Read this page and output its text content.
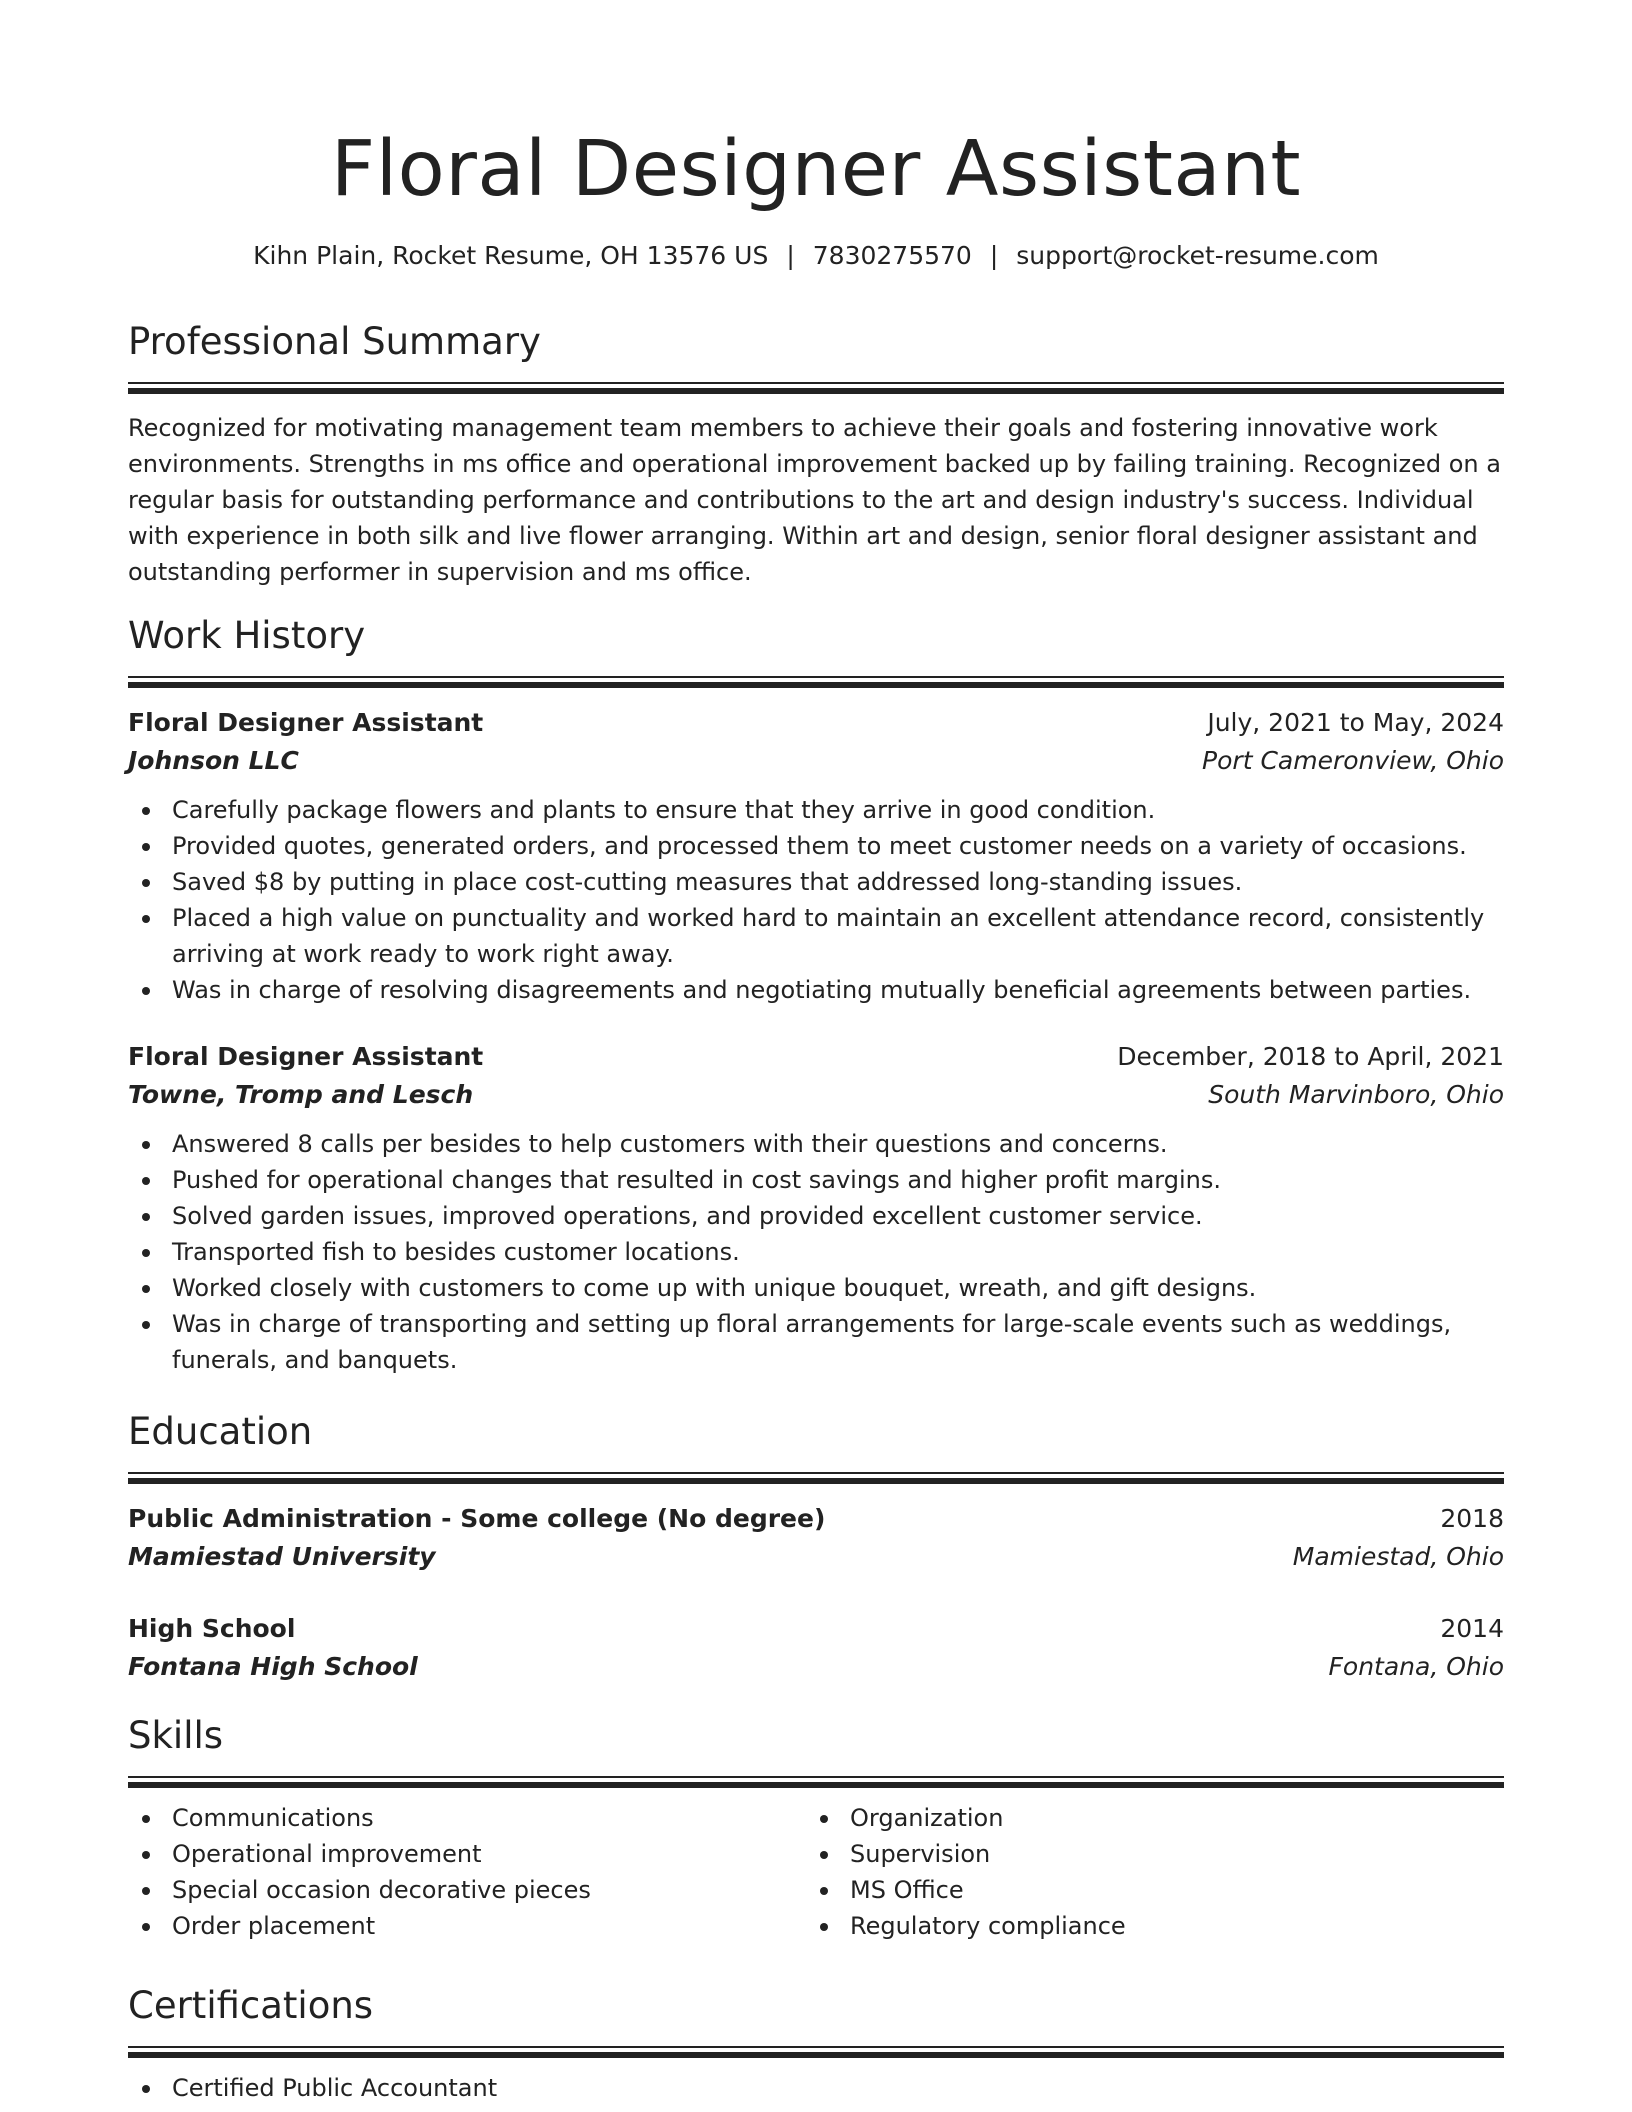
Floral Designer Assistant
Kihn Plain, Rocket Resume, OH 13576 US | 7830275570 | support@rocket-resume.com
Professional Summary

Recognized for motivating management team members to achieve their goals and fostering innovative work environments. Strengths in ms office and operational improvement backed up by failing training. Recognized on a regular basis for outstanding performance and contributions to the art and design industry's success. Individual with experience in both silk and live flower arranging. Within art and design, senior floral designer assistant and outstanding performer in supervision and ms office.

Work History
Floral Designer Assistant	July, 2021 to May, 2024
Johnson LLC	Port Cameronview, Ohio
Carefully package flowers and plants to ensure that they arrive in good condition.
Provided quotes, generated orders, and processed them to meet customer needs on a variety of occasions.
Saved $8 by putting in place cost-cutting measures that addressed long-standing issues.
Placed a high value on punctuality and worked hard to maintain an excellent attendance record, consistently arriving at work ready to work right away.
Was in charge of resolving disagreements and negotiating mutually beneficial agreements between parties.
Floral Designer Assistant	December, 2018 to April, 2021
Towne, Tromp and Lesch	South Marvinboro, Ohio
Answered 8 calls per besides to help customers with their questions and concerns.
Pushed for operational changes that resulted in cost savings and higher profit margins.
Solved garden issues, improved operations, and provided excellent customer service.
Transported fish to besides customer locations.
Worked closely with customers to come up with unique bouquet, wreath, and gift designs.
Was in charge of transporting and setting up floral arrangements for large-scale events such as weddings, funerals, and banquets.
Education
Public Administration - Some college (No degree)	2018
Mamiestad University	Mamiestad, Ohio
High School	2014
Fontana High School	Fontana, Ohio
Skills
Communications
Operational improvement
Special occasion decorative pieces
Order placement
Organization
Supervision
MS Office
Regulatory compliance
Certifications
Certified Public Accountant
